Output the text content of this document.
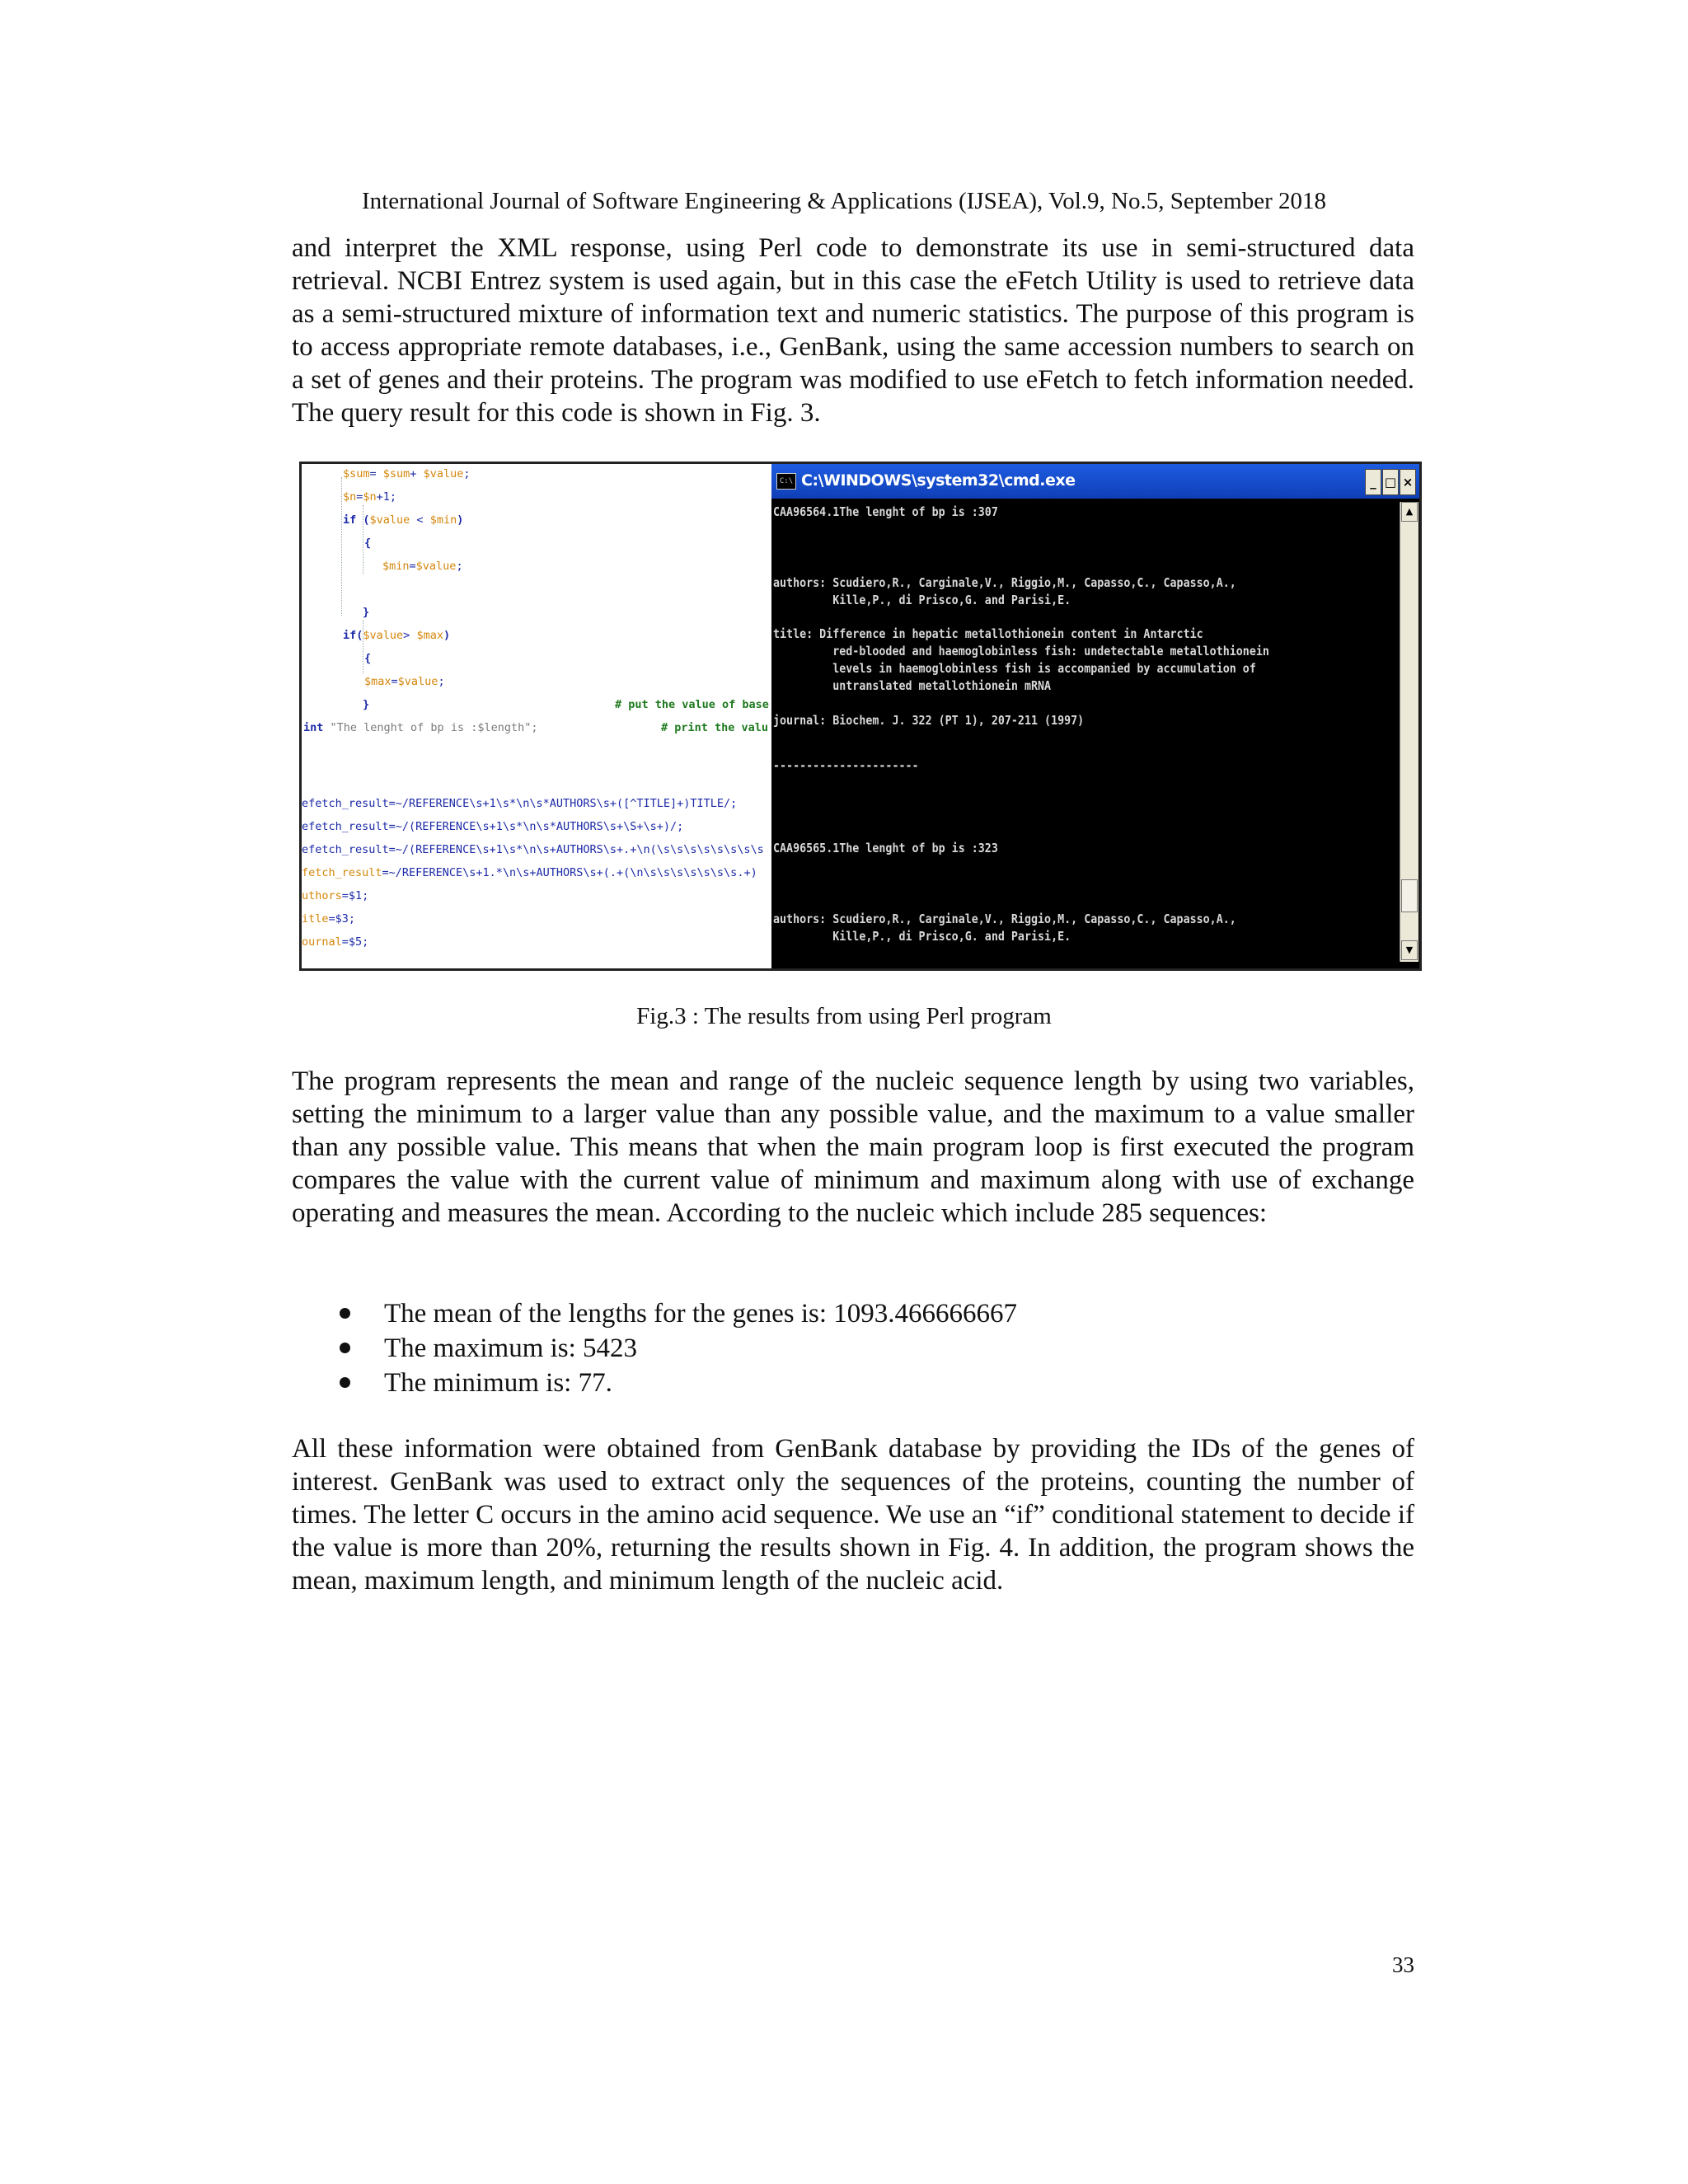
International Journal of Software Engineering & Applications (IJSEA), Vol.9, No.5, September 2018

and interpret the XML response, using Perl code to demonstrate its use in semi-structured data retrieval. NCBI Entrez system is used again, but in this case the eFetch Utility is used to retrieve data as a semi-structured mixture of information text and numeric statistics. The purpose of this program is to access appropriate remote databases, i.e., GenBank, using the same accession numbers to search on a set of genes and their proteins. The program was modified to use eFetch to fetch information needed. The query result for this code is shown in Fig. 3.

$sum= $sum+ $value;
$n=$n+1;
if ($value < $min)
{
$min=$value;
}
if($value> $max)
{
$max=$value;
}	# put the value of base
int "The lenght of bp is :$length";	# print the valu
efetch_result=~/REFERENCE\s+1\s*\n\s*AUTHORS\s+([^TITLE]+)TITLE/;
efetch_result=~/(REFERENCE\s+1\s*\n\s*AUTHORS\s+\S+\s+)/;
efetch_result=~/(REFERENCE\s+1\s*\n\s+AUTHORS\s+.+\n(\s\s\s\s\s\s\s\s
fetch_result=~/REFERENCE\s+1.*\n\s+AUTHORS\s+(.+(\n\s\s\s\s\s\s\s.+)
uthors=$1;
itle=$3;
ournal=$5;
C:\ C:\WINDOWS\system32\cmd.exe	_ □ ×
CAA96564.1The lenght of bp is :307
authors: Scudiero,R., Carginale,V., Riggio,M., Capasso,C., Capasso,A.,
Kille,P., di Prisco,G. and Parisi,E.
title: Difference in hepatic metallothionein content in Antarctic
red-blooded and haemoglobinless fish: undetectable metallothionein
levels in haemoglobinless fish is accompanied by accumulation of
untranslated metallothionein mRNA
journal: Biochem. J. 322 (PT 1), 207-211 (1997)
----------------------
CAA96565.1The lenght of bp is :323
authors: Scudiero,R., Carginale,V., Riggio,M., Capasso,C., Capasso,A.,
Kille,P., di Prisco,G. and Parisi,E.
▲
▼
Fig.3 : The results from using Perl program

The program represents the mean and range of the nucleic sequence length by using two variables, setting the minimum to a larger value than any possible value, and the maximum to a value smaller than any possible value. This means that when the main program loop is first executed the program compares the value with the current value of minimum and maximum along with use of exchange operating and measures the mean. According to the nucleic which include 285 sequences:

The mean of the lengths for the genes is: 1093.466666667
The maximum is: 5423
The minimum is: 77.

All these information were obtained from GenBank database by providing the IDs of the genes of interest. GenBank was used to extract only the sequences of the proteins, counting the number of times. The letter C occurs in the amino acid sequence. We use an “if” conditional statement to decide if the value is more than 20%, returning the results shown in Fig. 4. In addition, the program shows the mean, maximum length, and minimum length of the nucleic acid.

33
